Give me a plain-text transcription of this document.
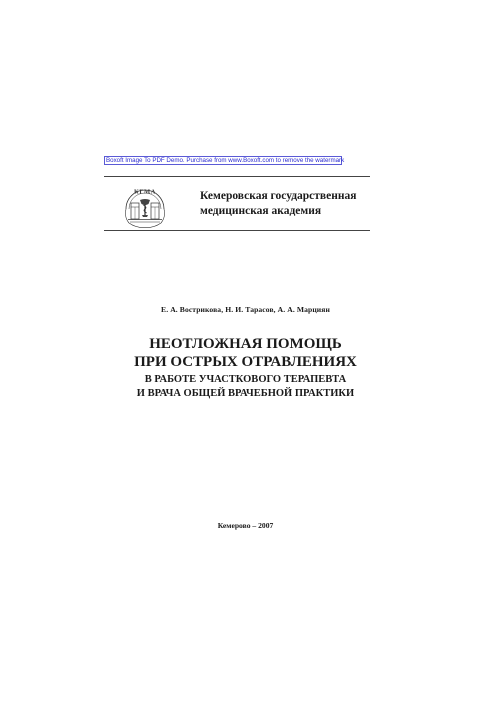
Boxoft Image To PDF Demo. Purchase from www.Boxoft.com to remove the watermark
КГМА	Кемеровская государственная
медицинская академия
Е. А. Вострикова, Н. И. Тарасов, А. А. Марциян
НЕОТЛОЖНАЯ ПОМОЩЬ
ПРИ ОСТРЫХ ОТРАВЛЕНИЯХ
В РАБОТЕ УЧАСТКОВОГО ТЕРАПЕВТА
И ВРАЧА ОБЩЕЙ ВРАЧЕБНОЙ ПРАКТИКИ
Кемерово – 2007
